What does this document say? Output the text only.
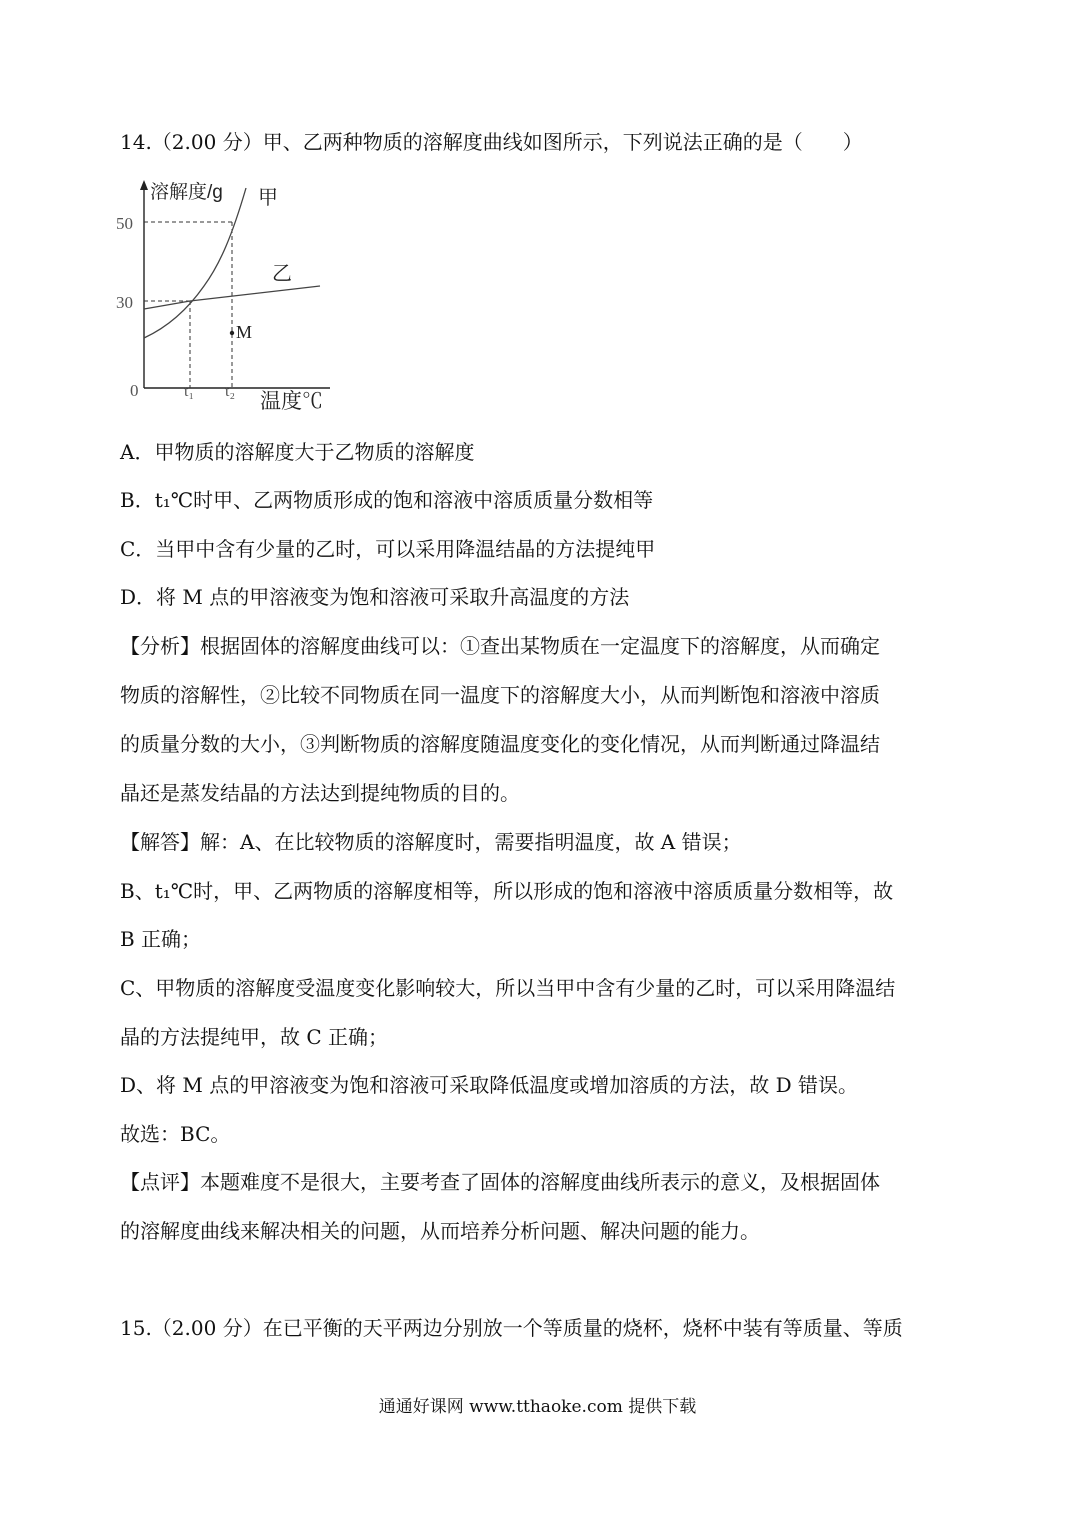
14.（2.00 分）甲、乙两种物质的溶解度曲线如图所示，下列说法正确的是（　　）
溶解度/g 甲
乙
M
50
30
0	t₁ t₂ 温度℃
A．甲物质的溶解度大于乙物质的溶解度
B．t₁℃时甲、乙两物质形成的饱和溶液中溶质质量分数相等
C．当甲中含有少量的乙时，可以采用降温结晶的方法提纯甲
D．将 M 点的甲溶液变为饱和溶液可采取升高温度的方法
【分析】根据固体的溶解度曲线可以：①查出某物质在一定温度下的溶解度，从而确定
物质的溶解性，②比较不同物质在同一温度下的溶解度大小，从而判断饱和溶液中溶质
的质量分数的大小，③判断物质的溶解度随温度变化的变化情况，从而判断通过降温结
晶还是蒸发结晶的方法达到提纯物质的目的。
【解答】解：A、在比较物质的溶解度时，需要指明温度，故 A 错误；
B、t₁℃时，甲、乙两物质的溶解度相等，所以形成的饱和溶液中溶质质量分数相等，故
B 正确；
C、甲物质的溶解度受温度变化影响较大，所以当甲中含有少量的乙时，可以采用降温结
晶的方法提纯甲，故 C 正确；
D、将 M 点的甲溶液变为饱和溶液可采取降低温度或增加溶质的方法，故 D 错误。
故选：BC。
【点评】本题难度不是很大，主要考查了固体的溶解度曲线所表示的意义，及根据固体
的溶解度曲线来解决相关的问题，从而培养分析问题、解决问题的能力。
15.（2.00 分）在已平衡的天平两边分别放一个等质量的烧杯，烧杯中装有等质量、等质
通通好课网 www.tthaoke.com 提供下载
